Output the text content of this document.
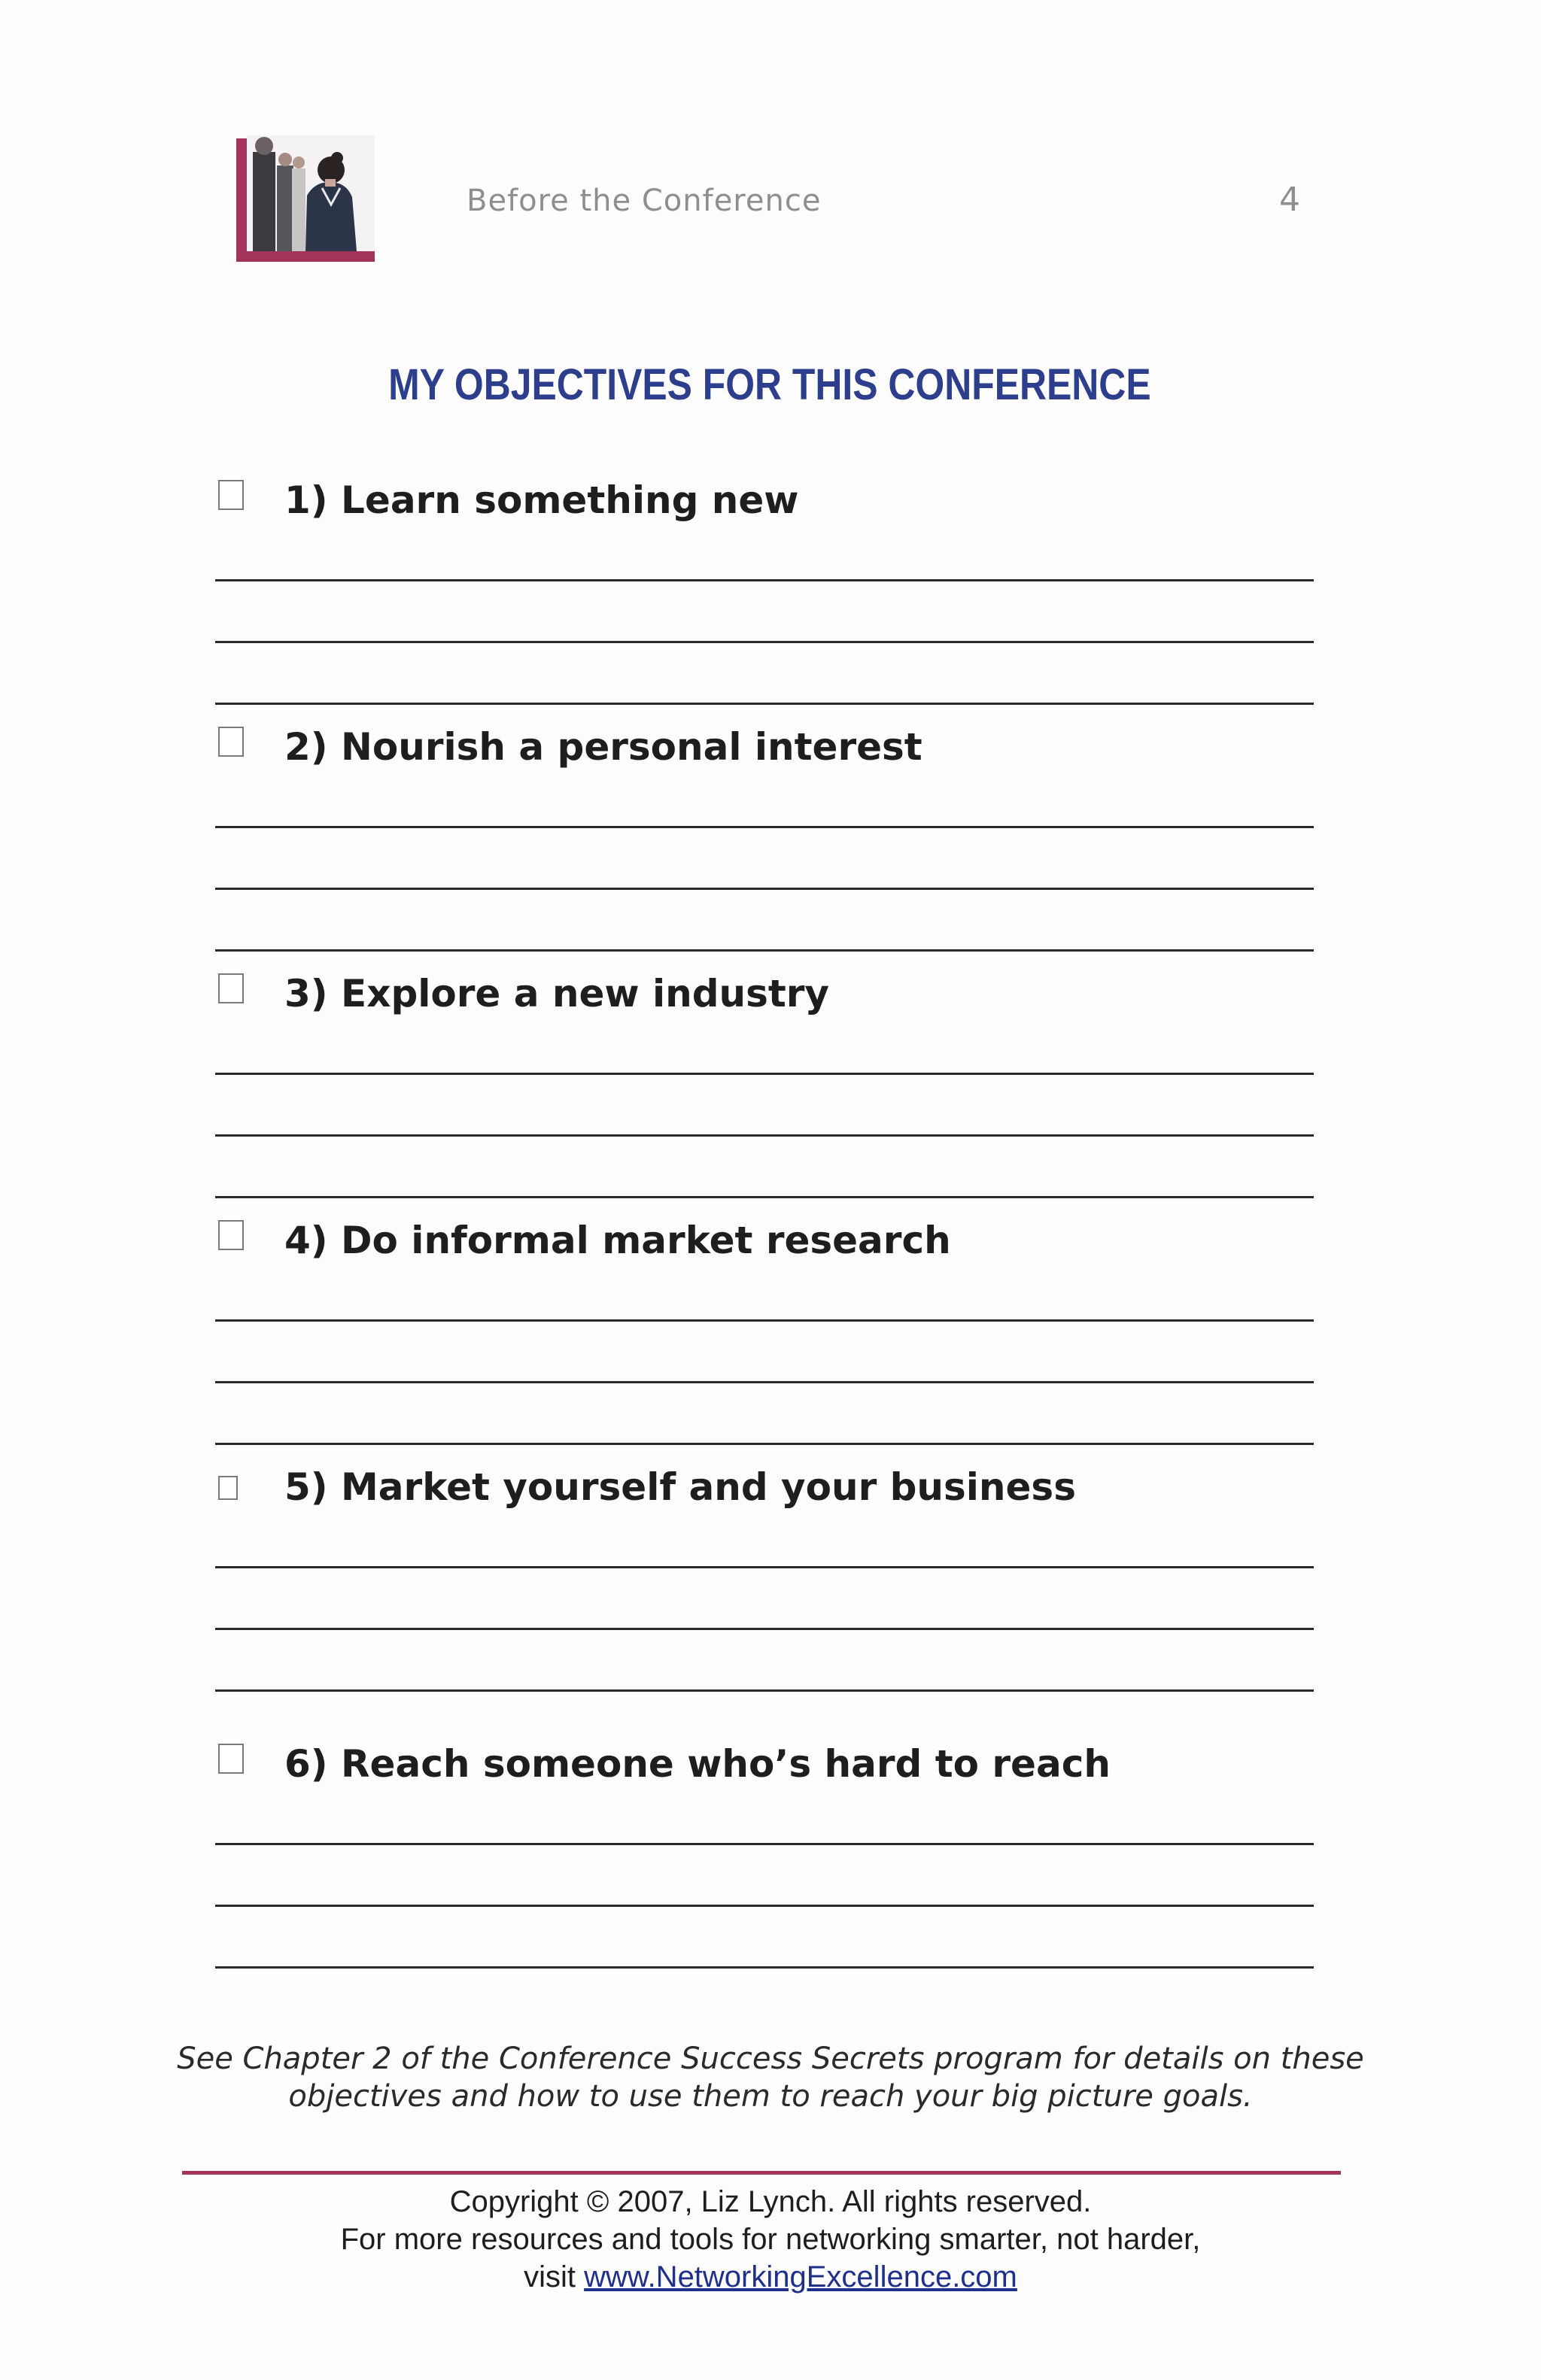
Before the Conference	4
MY OBJECTIVES FOR THIS CONFERENCE
1) Learn something new
2) Nourish a personal interest
3) Explore a new industry
4) Do informal market research
5) Market yourself and your business
6) Reach someone who’s hard to reach
See Chapter 2 of the Conference Success Secrets program for details on these
objectives and how to use them to reach your big picture goals.
Copyright © 2007, Liz Lynch. All rights reserved.
For more resources and tools for networking smarter, not harder,
visit www.NetworkingExcellence.com
